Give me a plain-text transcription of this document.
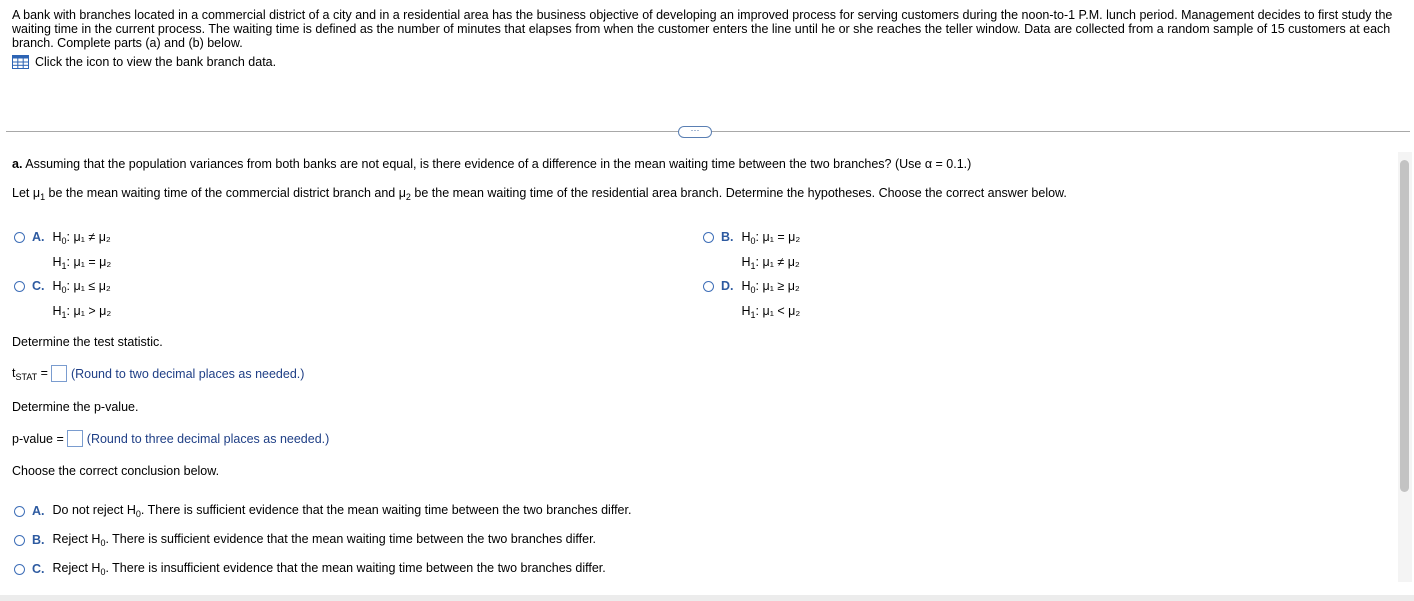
A bank with branches located in a commercial district of a city and in a residential area has the business objective of developing an improved process for serving customers during the noon-to-1 P.M. lunch period. Management decides to first study the waiting time in the current process. The waiting time is defined as the number of minutes that elapses from when the customer enters the line until he or she reaches the teller window. Data are collected from a random sample of 15 customers at each branch. Complete parts (a) and (b) below.
Click the icon to view the bank branch data.
···
a. Assuming that the population variances from both banks are not equal, is there evidence of a difference in the mean waiting time between the two branches? (Use α = 0.1.)
Let $\mu_1$ be the mean waiting time of the commercial district branch and $\mu_2$ be the mean waiting time of the residential area branch. Determine the hypotheses. Choose the correct answer below.
A. $H_0$: μ₁ ≠ μ₂
$H_1$: μ₁ = μ₂
B. $H_0$: μ₁ = μ₂
$H_1$: μ₁ ≠ μ₂
C. $H_0$: μ₁ ≤ μ₂
$H_1$: μ₁ > μ₂
D. $H_0$: μ₁ ≥ μ₂
$H_1$: μ₁ < μ₂
Determine the test statistic.
$t_{STAT}$ = (Round to two decimal places as needed.)
Determine the p-value.
p-value = (Round to three decimal places as needed.)
Choose the correct conclusion below.
A. Do not reject $H_0$. There is sufficient evidence that the mean waiting time between the two branches differ.
B. Reject $H_0$. There is sufficient evidence that the mean waiting time between the two branches differ.
C. Reject $H_0$. There is insufficient evidence that the mean waiting time between the two branches differ.
